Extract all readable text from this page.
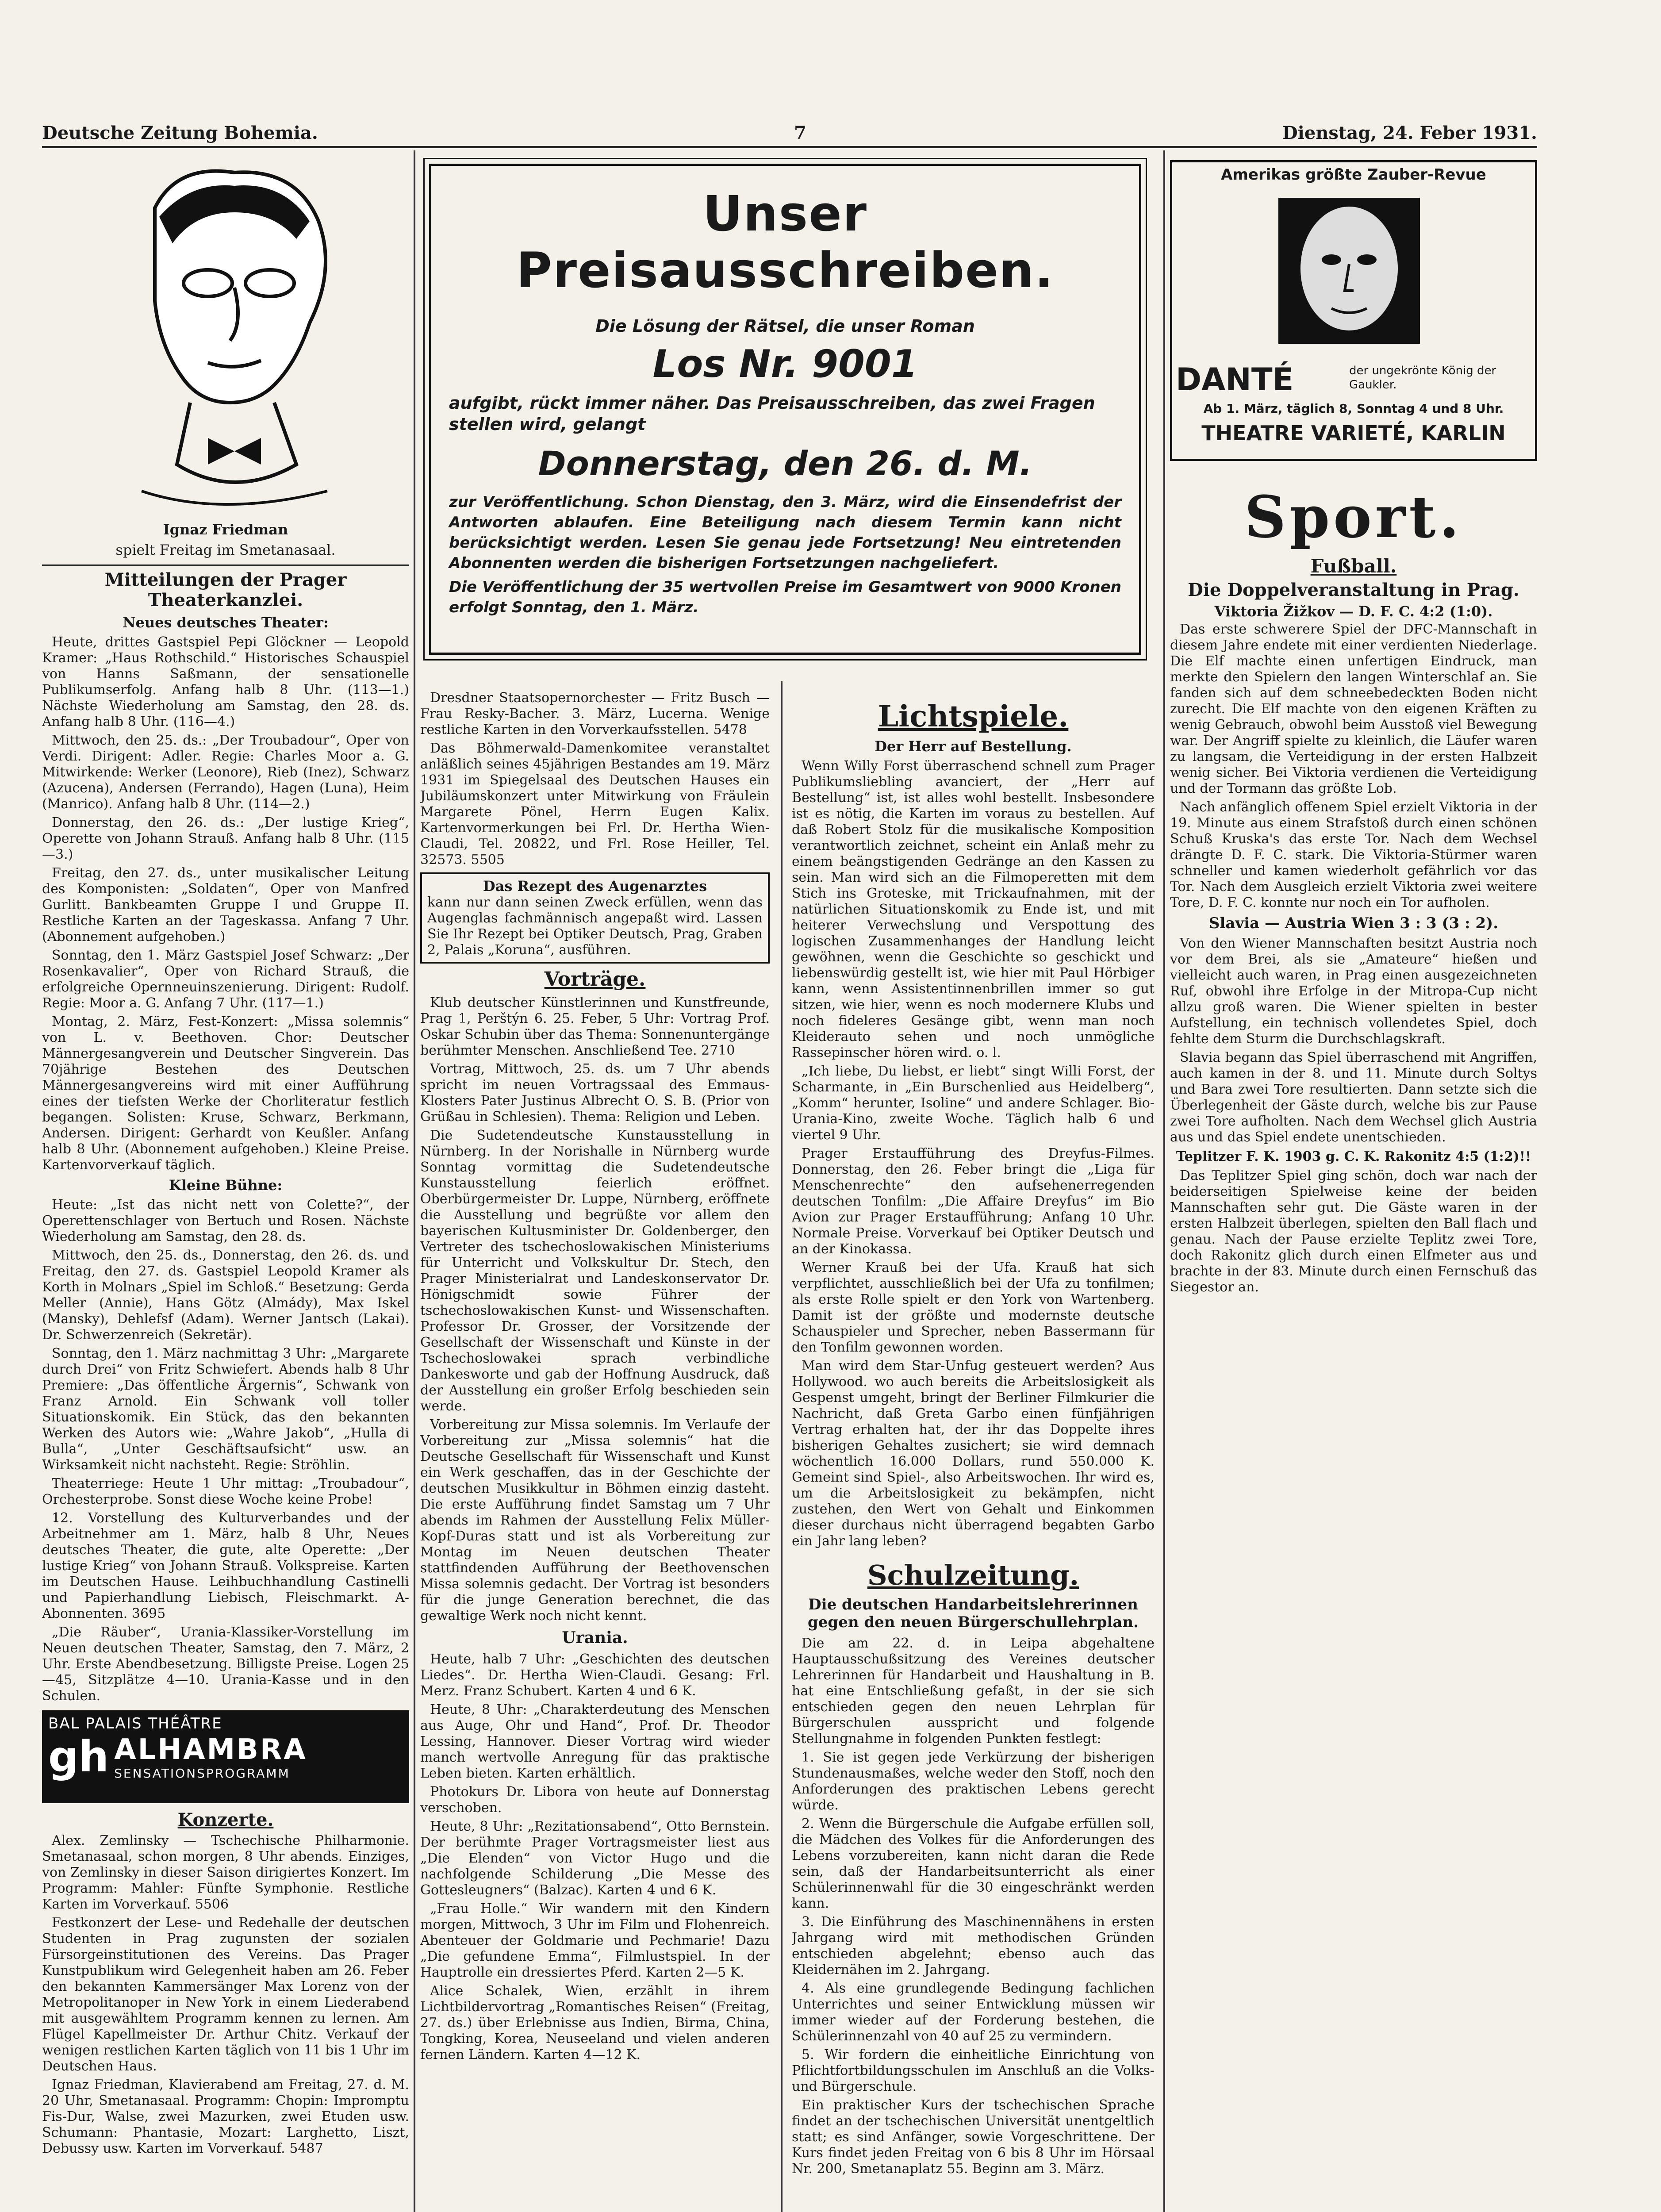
Deutsche Zeitung Bohemia.	7	Dienstag, 24. Feber 1931.
Ignaz Friedman
spielt Freitag im Smetanasaal.
Mitteilungen der Prager Theaterkanzlei.
Neues deutsches Theater:

Heute, drittes Gastspiel Pepi Glöckner — Leopold Kramer: „Haus Rothschild.“ Historisches Schauspiel von Hanns Saßmann, der sensationelle Publikumserfolg. Anfang halb 8 Uhr. (113—1.) Nächste Wiederholung am Samstag, den 28. ds. Anfang halb 8 Uhr. (116—4.)

Mittwoch, den 25. ds.: „Der Troubadour“, Oper von Verdi. Dirigent: Adler. Regie: Charles Moor a. G. Mitwirkende: Werker (Leonore), Rieb (Inez), Schwarz (Azucena), Andersen (Ferrando), Hagen (Luna), Heim (Manrico). Anfang halb 8 Uhr. (114—2.)

Donnerstag, den 26. ds.: „Der lustige Krieg“, Operette von Johann Strauß. Anfang halb 8 Uhr. (115—3.)

Freitag, den 27. ds., unter musikalischer Leitung des Komponisten: „Soldaten“, Oper von Manfred Gurlitt. Bankbeamten Gruppe I und Gruppe II. Restliche Karten an der Tageskassa. Anfang 7 Uhr. (Abonnement aufgehoben.)

Sonntag, den 1. März Gastspiel Josef Schwarz: „Der Rosenkavalier“, Oper von Richard Strauß, die erfolgreiche Opernneuinszenierung. Dirigent: Rudolf. Regie: Moor a. G. Anfang 7 Uhr. (117—1.)

Montag, 2. März, Fest-Konzert: „Missa solemnis“ von L. v. Beethoven. Chor: Deutscher Männergesangverein und Deutscher Singverein. Das 70jährige Bestehen des Deutschen Männergesangvereins wird mit einer Aufführung eines der tiefsten Werke der Chorliteratur festlich begangen. Solisten: Kruse, Schwarz, Berkmann, Andersen. Dirigent: Gerhardt von Keußler. Anfang halb 8 Uhr. (Abonnement aufgehoben.) Kleine Preise. Kartenvorverkauf täglich.

Kleine Bühne:

Heute: „Ist das nicht nett von Colette?“, der Operettenschlager von Bertuch und Rosen. Nächste Wiederholung am Samstag, den 28. ds.

Mittwoch, den 25. ds., Donnerstag, den 26. ds. und Freitag, den 27. ds. Gastspiel Leopold Kramer als Korth in Molnars „Spiel im Schloß.“ Besetzung: Gerda Meller (Annie), Hans Götz (Almády), Max Iskel (Mansky), Dehlefsf (Adam). Werner Jantsch (Lakai). Dr. Schwerzenreich (Sekretär).

Sonntag, den 1. März nachmittag 3 Uhr: „Margarete durch Drei“ von Fritz Schwiefert. Abends halb 8 Uhr Premiere: „Das öffentliche Ärgernis“, Schwank von Franz Arnold. Ein Schwank voll toller Situationskomik. Ein Stück, das den bekannten Werken des Autors wie: „Wahre Jakob“, „Hulla di Bulla“, „Unter Geschäftsaufsicht“ usw. an Wirksamkeit nicht nachsteht. Regie: Ströhlin.

Theaterriege: Heute 1 Uhr mittag: „Troubadour“, Orchesterprobe. Sonst diese Woche keine Probe!

12. Vorstellung des Kulturverbandes und der Arbeitnehmer am 1. März, halb 8 Uhr, Neues deutsches Theater, die gute, alte Operette: „Der lustige Krieg“ von Johann Strauß. Volkspreise. Karten im Deutschen Hause. Leihbuchhandlung Castinelli und Papierhandlung Liebisch, Fleischmarkt. A-Abonnenten. 3695

„Die Räuber“, Urania-Klassiker-Vorstellung im Neuen deutschen Theater, Samstag, den 7. März, 2 Uhr. Erste Abendbesetzung. Billigste Preise. Logen 25—45, Sitzplätze 4—10. Urania-Kasse und in den Schulen.

BAL PALAIS THÉÂTRE
gh ALHAMBRA
SENSATIONSPROGRAMM
Konzerte.

Alex. Zemlinsky — Tschechische Philharmonie. Smetanasaal, schon morgen, 8 Uhr abends. Einziges, von Zemlinsky in dieser Saison dirigiertes Konzert. Im Programm: Mahler: Fünfte Symphonie. Restliche Karten im Vorverkauf. 5506

Festkonzert der Lese- und Redehalle der deutschen Studenten in Prag zugunsten der sozialen Fürsorgeinstitutionen des Vereins. Das Prager Kunstpublikum wird Gelegenheit haben am 26. Feber den bekannten Kammersänger Max Lorenz von der Metropolitanoper in New York in einem Liederabend mit ausgewähltem Programm kennen zu lernen. Am Flügel Kapellmeister Dr. Arthur Chitz. Verkauf der wenigen restlichen Karten täglich von 11 bis 1 Uhr im Deutschen Haus.

Ignaz Friedman, Klavierabend am Freitag, 27. d. M. 20 Uhr, Smetanasaal. Programm: Chopin: Impromptu Fis-Dur, Walse, zwei Mazurken, zwei Etuden usw. Schumann: Phantasie, Mozart: Larghetto, Liszt, Debussy usw. Karten im Vorverkauf. 5487

Unser Preisausschreiben.
Die Lösung der Rätsel, die unser Roman
Los Nr. 9001
aufgibt, rückt immer näher. Das Preisausschreiben, das zwei Fragen stellen wird, gelangt
Donnerstag, den 26. d. M.
zur Veröffentlichung. Schon Dienstag, den 3. März, wird die Einsendefrist der Antworten ablaufen. Eine Beteiligung nach diesem Termin kann nicht berücksichtigt werden. Lesen Sie genau jede Fortsetzung! Neu eintretenden Abonnenten werden die bisherigen Fortsetzungen nachgeliefert.
Die Veröffentlichung der 35 wertvollen Preise im Gesamtwert von 9000 Kronen erfolgt Sonntag, den 1. März.

Dresdner Staatsopernorchester — Fritz Busch — Frau Resky-Bacher. 3. März, Lucerna. Wenige restliche Karten in den Vorverkaufsstellen. 5478

Das Böhmerwald-Damenkomitee veranstaltet anläßlich seines 45jährigen Bestandes am 19. März 1931 im Spiegelsaal des Deutschen Hauses ein Jubiläumskonzert unter Mitwirkung von Fräulein Margarete Pönel, Herrn Eugen Kalix. Kartenvormerkungen bei Frl. Dr. Hertha Wien-Claudi, Tel. 20822, und Frl. Rose Heiller, Tel. 32573. 5505

Das Rezept des Augenarztes
kann nur dann seinen Zweck erfüllen, wenn das Augenglas fachmännisch angepaßt wird. Lassen Sie Ihr Rezept bei Optiker Deutsch, Prag, Graben 2, Palais „Koruna“, ausführen.
Vorträge.

Klub deutscher Künstlerinnen und Kunstfreunde, Prag 1, Perštýn 6. 25. Feber, 5 Uhr: Vortrag Prof. Oskar Schubin über das Thema: Sonnenuntergänge berühmter Menschen. Anschließend Tee. 2710

Vortrag, Mittwoch, 25. ds. um 7 Uhr abends spricht im neuen Vortragssaal des Emmaus-Klosters Pater Justinus Albrecht O. S. B. (Prior von Grüßau in Schlesien). Thema: Religion und Leben.

Die Sudetendeutsche Kunstausstellung in Nürnberg. In der Norishalle in Nürnberg wurde Sonntag vormittag die Sudetendeutsche Kunstausstellung feierlich eröffnet. Oberbürgermeister Dr. Luppe, Nürnberg, eröffnete die Ausstellung und begrüßte vor allem den bayerischen Kultusminister Dr. Goldenberger, den Vertreter des tschechoslowakischen Ministeriums für Unterricht und Volkskultur Dr. Stech, den Prager Ministerialrat und Landeskonservator Dr. Hönigschmidt sowie Führer der tschechoslowakischen Kunst- und Wissenschaften. Professor Dr. Grosser, der Vorsitzende der Gesellschaft der Wissenschaft und Künste in der Tschechoslowakei sprach verbindliche Dankesworte und gab der Hoffnung Ausdruck, daß der Ausstellung ein großer Erfolg beschieden sein werde.

Vorbereitung zur Missa solemnis. Im Verlaufe der Vorbereitung zur „Missa solemnis“ hat die Deutsche Gesellschaft für Wissenschaft und Kunst ein Werk geschaffen, das in der Geschichte der deutschen Musikkultur in Böhmen einzig dasteht. Die erste Aufführung findet Samstag um 7 Uhr abends im Rahmen der Ausstellung Felix Müller-Kopf-Duras statt und ist als Vorbereitung zur Montag im Neuen deutschen Theater stattfindenden Aufführung der Beethovenschen Missa solemnis gedacht. Der Vortrag ist besonders für die junge Generation berechnet, die das gewaltige Werk noch nicht kennt.

Urania.

Heute, halb 7 Uhr: „Geschichten des deutschen Liedes“. Dr. Hertha Wien-Claudi. Gesang: Frl. Merz. Franz Schubert. Karten 4 und 6 K.

Heute, 8 Uhr: „Charakterdeutung des Menschen aus Auge, Ohr und Hand“, Prof. Dr. Theodor Lessing, Hannover. Dieser Vortrag wird wieder manch wertvolle Anregung für das praktische Leben bieten. Karten erhältlich.

Photokurs Dr. Libora von heute auf Donnerstag verschoben.

Heute, 8 Uhr: „Rezitationsabend“, Otto Bernstein. Der berühmte Prager Vortragsmeister liest aus „Die Elenden“ von Victor Hugo und die nachfolgende Schilderung „Die Messe des Gottesleugners“ (Balzac). Karten 4 und 6 K.

„Frau Holle.“ Wir wandern mit den Kindern morgen, Mittwoch, 3 Uhr im Film und Flohenreich. Abenteuer der Goldmarie und Pechmarie! Dazu „Die gefundene Emma“, Filmlustspiel. In der Hauptrolle ein dressiertes Pferd. Karten 2—5 K.

Alice Schalek, Wien, erzählt in ihrem Lichtbildervortrag „Romantisches Reisen“ (Freitag, 27. ds.) über Erlebnisse aus Indien, Birma, China, Tongking, Korea, Neuseeland und vielen anderen fernen Ländern. Karten 4—12 K.

Lichtspiele.
Der Herr auf Bestellung.

Wenn Willy Forst überraschend schnell zum Prager Publikumsliebling avanciert, der „Herr auf Bestellung“ ist, ist alles wohl bestellt. Insbesondere ist es nötig, die Karten im voraus zu bestellen. Auf daß Robert Stolz für die musikalische Komposition verantwortlich zeichnet, scheint ein Anlaß mehr zu einem beängstigenden Gedränge an den Kassen zu sein. Man wird sich an die Filmoperetten mit dem Stich ins Groteske, mit Trickaufnahmen, mit der natürlichen Situationskomik zu Ende ist, und mit heiterer Verwechslung und Verspottung des logischen Zusammenhanges der Handlung leicht gewöhnen, wenn die Geschichte so geschickt und liebenswürdig gestellt ist, wie hier mit Paul Hörbiger kann, wenn Assistentinnenbrillen immer so gut sitzen, wie hier, wenn es noch modernere Klubs und noch fideleres Gesänge gibt, wenn man noch Kleiderauto sehen und noch unmögliche Rassepinscher hören wird. o. l.

„Ich liebe, Du liebst, er liebt“ singt Willi Forst, der Scharmante, in „Ein Burschenlied aus Heidelberg“, „Komm“ herunter, Isoline“ und andere Schlager. Bio-Urania-Kino, zweite Woche. Täglich halb 6 und viertel 9 Uhr.

Prager Erstaufführung des Dreyfus-Filmes. Donnerstag, den 26. Feber bringt die „Liga für Menschenrechte“ den aufsehenerregenden deutschen Tonfilm: „Die Affaire Dreyfus“ im Bio Avion zur Prager Erstaufführung; Anfang 10 Uhr. Normale Preise. Vorverkauf bei Optiker Deutsch und an der Kinokassa.

Werner Krauß bei der Ufa. Krauß hat sich verpflichtet, ausschließlich bei der Ufa zu tonfilmen; als erste Rolle spielt er den York von Wartenberg. Damit ist der größte und modernste deutsche Schauspieler und Sprecher, neben Bassermann für den Tonfilm gewonnen worden.

Man wird dem Star-Unfug gesteuert werden? Aus Hollywood. wo auch bereits die Arbeitslosigkeit als Gespenst umgeht, bringt der Berliner Filmkurier die Nachricht, daß Greta Garbo einen fünfjährigen Vertrag erhalten hat, der ihr das Doppelte ihres bisherigen Gehaltes zusichert; sie wird demnach wöchentlich 16.000 Dollars, rund 550.000 K. Gemeint sind Spiel-, also Arbeitswochen. Ihr wird es, um die Arbeitslosigkeit zu bekämpfen, nicht zustehen, den Wert von Gehalt und Einkommen dieser durchaus nicht überragend begabten Garbo ein Jahr lang leben?

Schulzeitung.
Die deutschen Handarbeitslehrerinnen gegen den neuen Bürgerschullehrplan.

Die am 22. d. in Leipa abgehaltene Hauptausschußsitzung des Vereines deutscher Lehrerinnen für Handarbeit und Haushaltung in B. hat eine Entschließung gefaßt, in der sie sich entschieden gegen den neuen Lehrplan für Bürgerschulen ausspricht und folgende Stellungnahme in folgenden Punkten festlegt:

1. Sie ist gegen jede Verkürzung der bisherigen Stundenausmaßes, welche weder den Stoff, noch den Anforderungen des praktischen Lebens gerecht würde.

2. Wenn die Bürgerschule die Aufgabe erfüllen soll, die Mädchen des Volkes für die Anforderungen des Lebens vorzubereiten, kann nicht daran die Rede sein, daß der Handarbeitsunterricht als einer Schülerinnenwahl für die 30 eingeschränkt werden kann.

3. Die Einführung des Maschinennähens in ersten Jahrgang wird mit methodischen Gründen entschieden abgelehnt; ebenso auch das Kleidernähen im 2. Jahrgang.

4. Als eine grundlegende Bedingung fachlichen Unterrichtes und seiner Entwicklung müssen wir immer wieder auf der Forderung bestehen, die Schülerinnenzahl von 40 auf 25 zu vermindern.

5. Wir fordern die einheitliche Einrichtung von Pflichtfortbildungsschulen im Anschluß an die Volks- und Bürgerschule.

Ein praktischer Kurs der tschechischen Sprache findet an der tschechischen Universität unentgeltlich statt; es sind Anfänger, sowie Vorgeschrittene. Der Kurs findet jeden Freitag von 6 bis 8 Uhr im Hörsaal Nr. 200, Smetanaplatz 55. Beginn am 3. März.

Amerikas größte Zauber-Revue
DANTÉ	der ungekrönte König der Gaukler.
Ab 1. März, täglich 8, Sonntag 4 und 8 Uhr.
THEATRE VARIETÉ, KARLIN
Sport.
Fußball.
Die Doppelveranstaltung in Prag.
Viktoria Žižkov — D. F. C. 4:2 (1:0).

Das erste schwerere Spiel der DFC-Mannschaft in diesem Jahre endete mit einer verdienten Niederlage. Die Elf machte einen unfertigen Eindruck, man merkte den Spielern den langen Winterschlaf an. Sie fanden sich auf dem schneebedeckten Boden nicht zurecht. Die Elf machte von den eigenen Kräften zu wenig Gebrauch, obwohl beim Ausstoß viel Bewegung war. Der Angriff spielte zu kleinlich, die Läufer waren zu langsam, die Verteidigung in der ersten Halbzeit wenig sicher. Bei Viktoria verdienen die Verteidigung und der Tormann das größte Lob.

Nach anfänglich offenem Spiel erzielt Viktoria in der 19. Minute aus einem Strafstoß durch einen schönen Schuß Kruska's das erste Tor. Nach dem Wechsel drängte D. F. C. stark. Die Viktoria-Stürmer waren schneller und kamen wiederholt gefährlich vor das Tor. Nach dem Ausgleich erzielt Viktoria zwei weitere Tore, D. F. C. konnte nur noch ein Tor aufholen.

Slavia — Austria Wien 3 : 3 (3 : 2).

Von den Wiener Mannschaften besitzt Austria noch vor dem Brei, als sie „Amateure“ hießen und vielleicht auch waren, in Prag einen ausgezeichneten Ruf, obwohl ihre Erfolge in der Mitropa-Cup nicht allzu groß waren. Die Wiener spielten in bester Aufstellung, ein technisch vollendetes Spiel, doch fehlte dem Sturm die Durchschlagskraft.

Slavia begann das Spiel überraschend mit Angriffen, auch kamen in der 8. und 11. Minute durch Soltys und Bara zwei Tore resultierten. Dann setzte sich die Überlegenheit der Gäste durch, welche bis zur Pause zwei Tore aufholten. Nach dem Wechsel glich Austria aus und das Spiel endete unentschieden.

Teplitzer F. K. 1903 g. C. K. Rakonitz 4:5 (1:2)!!

Das Teplitzer Spiel ging schön, doch war nach der beiderseitigen Spielweise keine der beiden Mannschaften sehr gut. Die Gäste waren in der ersten Halbzeit überlegen, spielten den Ball flach und genau. Nach der Pause erzielte Teplitz zwei Tore, doch Rakonitz glich durch einen Elfmeter aus und brachte in der 83. Minute durch einen Fernschuß das Siegestor an.
